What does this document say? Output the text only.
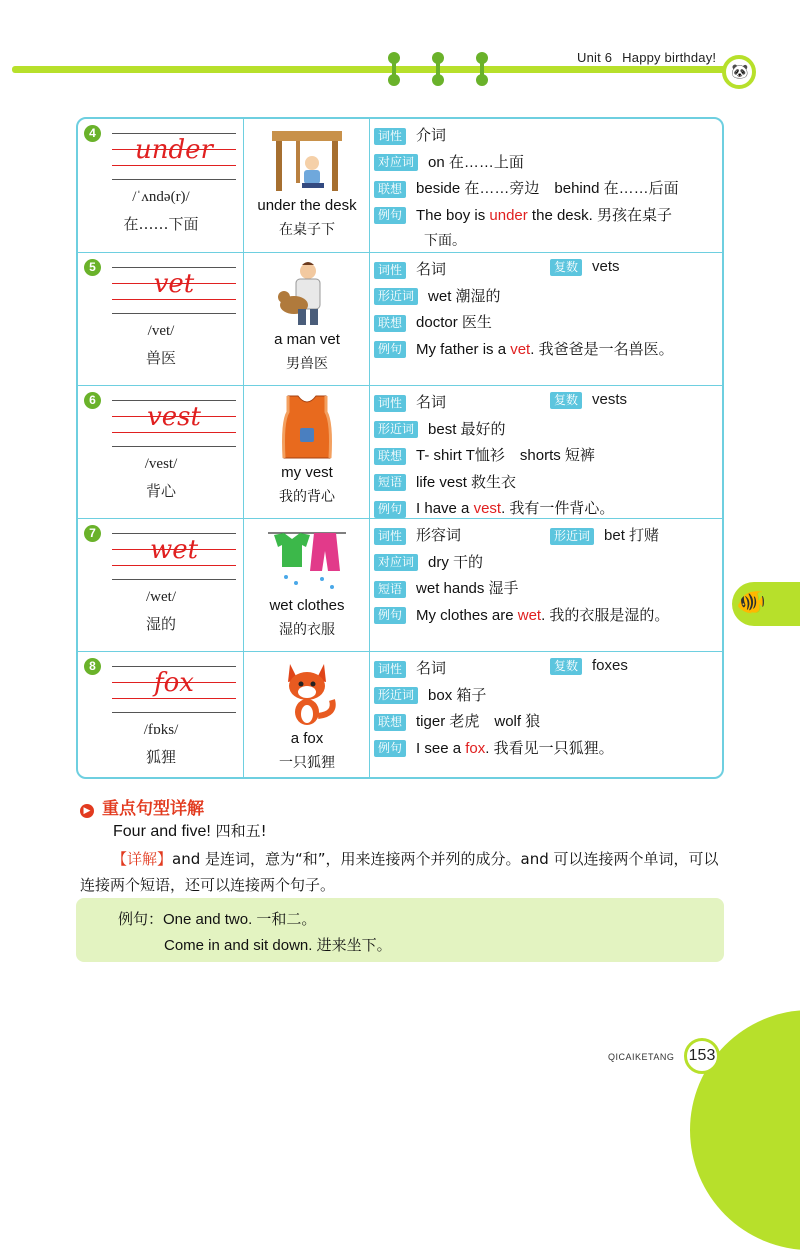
Unit 6 Happy birthday!
🐼
4
under
/ˈʌndə(r)/
在……下面
under the desk
在桌子下
词性 介词
对应词 on 在……上面
联想 beside 在……旁边　behind 在……后面
例句 The boy is under the desk. 男孩在桌子
下面。
5
vet
/vet/
兽医
a man vet
男兽医
词性 名词	复数 vets
形近词 wet 潮湿的
联想 doctor 医生
例句 My father is a vet. 我爸爸是一名兽医。
6
vest
/vest/
背心
my vest
我的背心
词性 名词	复数 vests
形近词 best 最好的
联想 T- shirt T恤衫　shorts 短裤
短语 life vest 救生衣
例句 I have a vest. 我有一件背心。
7
wet
/wet/
湿的
wet clothes
湿的衣服
词性 形容词	形近词 bet 打赌
对应词 dry 干的
短语 wet hands 湿手
例句 My clothes are wet. 我的衣服是湿的。
8
fox
/fɒks/
狐狸
a fox
一只狐狸
词性 名词	复数 foxes
形近词 box 箱子
联想 tiger 老虎　wolf 狼
例句 I see a fox. 我看见一只狐狸。
▶ 重点句型详解
Four and five! 四和五!
【详解】and 是连词，意为“和”，用来连接两个并列的成分。and 可以连接两个单词，可以连接两个短语，还可以连接两个句子。
例句：One and two. 一和二。
Come in and sit down. 进来坐下。
🐠
QICAIKETANG 153
